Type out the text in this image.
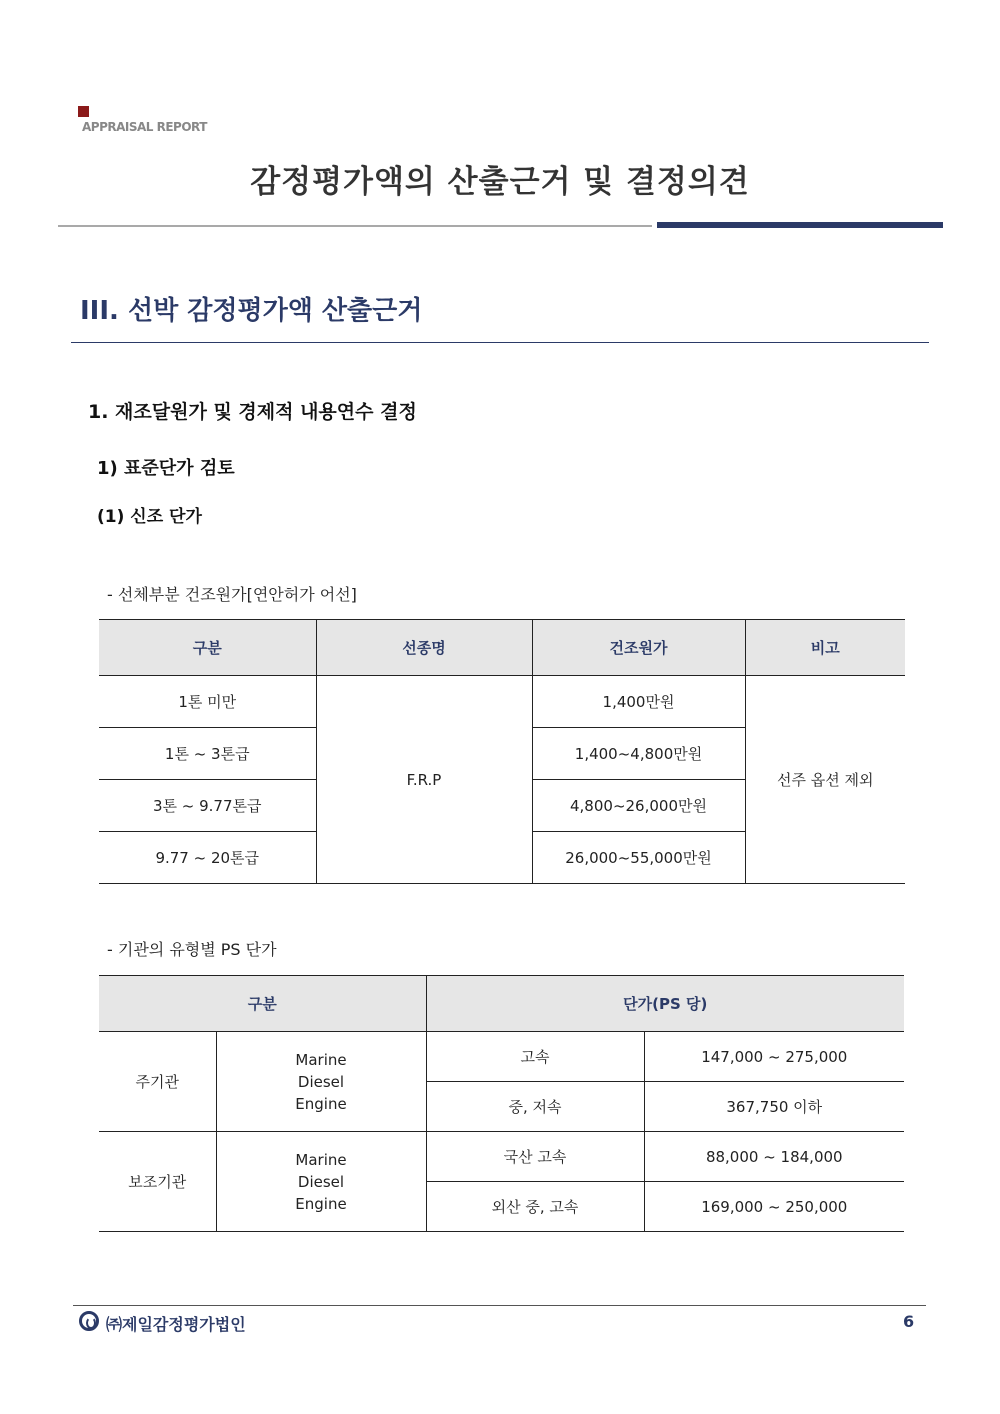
APPRAISAL REPORT
감정평가액의 산출근거 및 결정의견
III. 선박 감정평가액 산출근거
1. 재조달원가 및 경제적 내용연수 결정
1) 표준단가 검토
(1) 신조 단가
- 선체부분 건조원가[연안허가 어선]
구분	선종명	건조원가	비고
1톤 미만	F.R.P	1,400만원	선주 옵션 제외
1톤 ~ 3톤급		1,400~4,800만원	
3톤 ~ 9.77톤급		4,800~26,000만원	
9.77 ~ 20톤급		26,000~55,000만원	
- 기관의 유형별 PS 단가
구분		단가(PS 당)	
주기관	Marine
Diesel
Engine	고속	147,000 ~ 275,000
		중, 저속	367,750 이하
보조기관	Marine
Diesel
Engine	국산 고속	88,000 ~ 184,000
		외산 중, 고속	169,000 ~ 250,000
㈜제일감정평가법인	6
